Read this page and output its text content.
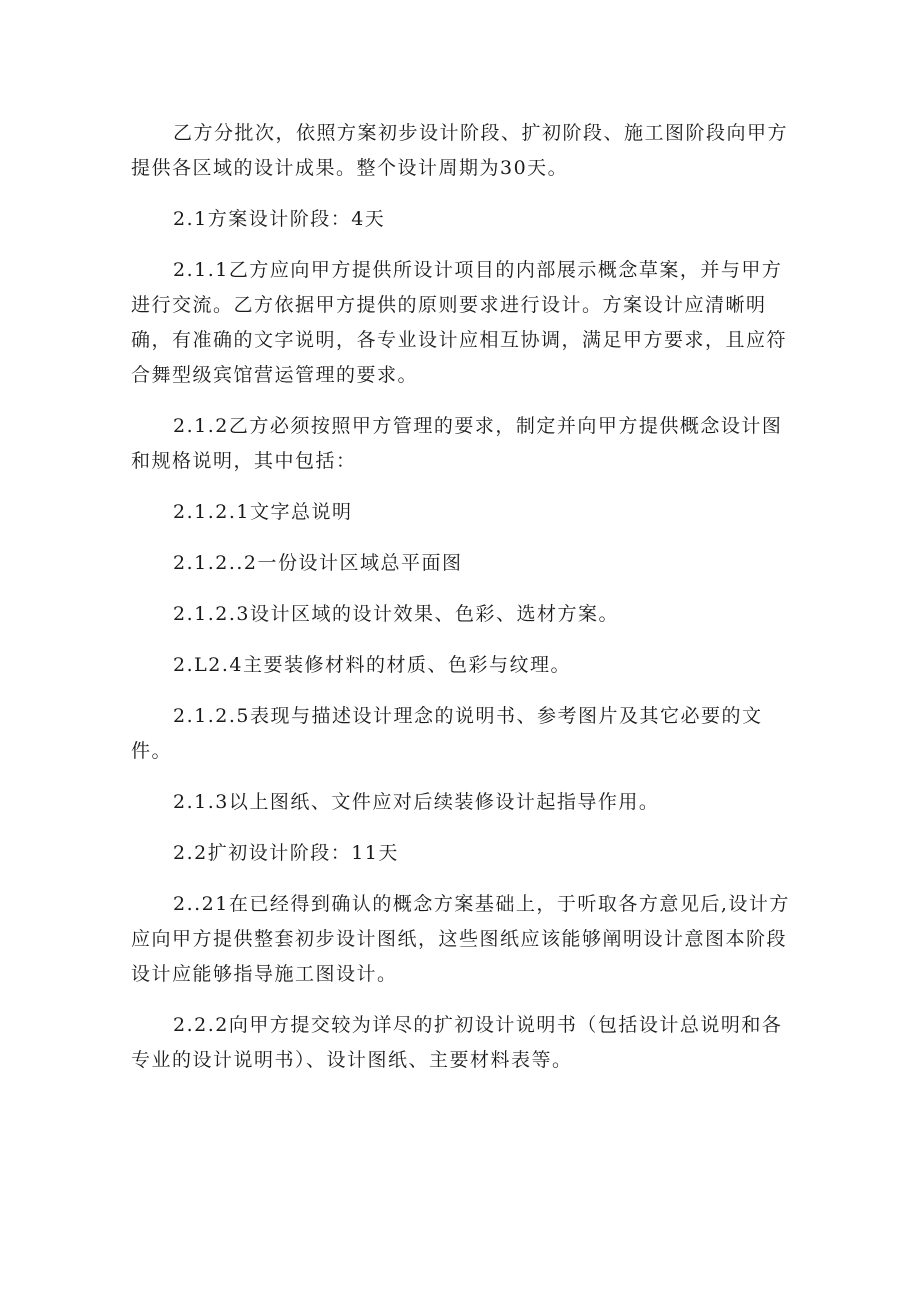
乙方分批次，依照方案初步设计阶段、扩初阶段、施工图阶段向甲方
提供各区域的设计成果。整个设计周期为30天。

2.1方案设计阶段：4天

2.1.1乙方应向甲方提供所设计项目的内部展示概念草案，并与甲方
进行交流。乙方依据甲方提供的原则要求进行设计。方案设计应清晰明
确，有准确的文字说明，各专业设计应相互协调，满足甲方要求，且应符
合舞型级宾馆营运管理的要求。

2.1.2乙方必须按照甲方管理的要求，制定并向甲方提供概念设计图
和规格说明，其中包括：

2.1.2.1文字总说明

2.1.2..2一份设计区域总平面图

2.1.2.3设计区域的设计效果、色彩、选材方案。

2.L2.4主要装修材料的材质、色彩与纹理。

2.1.2.5表现与描述设计理念的说明书、参考图片及其它必要的文
件。

2.1.3以上图纸、文件应对后续装修设计起指导作用。

2.2扩初设计阶段：11天

2..21在已经得到确认的概念方案基础上，于听取各方意见后,设计方
应向甲方提供整套初步设计图纸，这些图纸应该能够阐明设计意图本阶段
设计应能够指导施工图设计。

2.2.2向甲方提交较为详尽的扩初设计说明书（包括设计总说明和各
专业的设计说明书）、设计图纸、主要材料表等。
